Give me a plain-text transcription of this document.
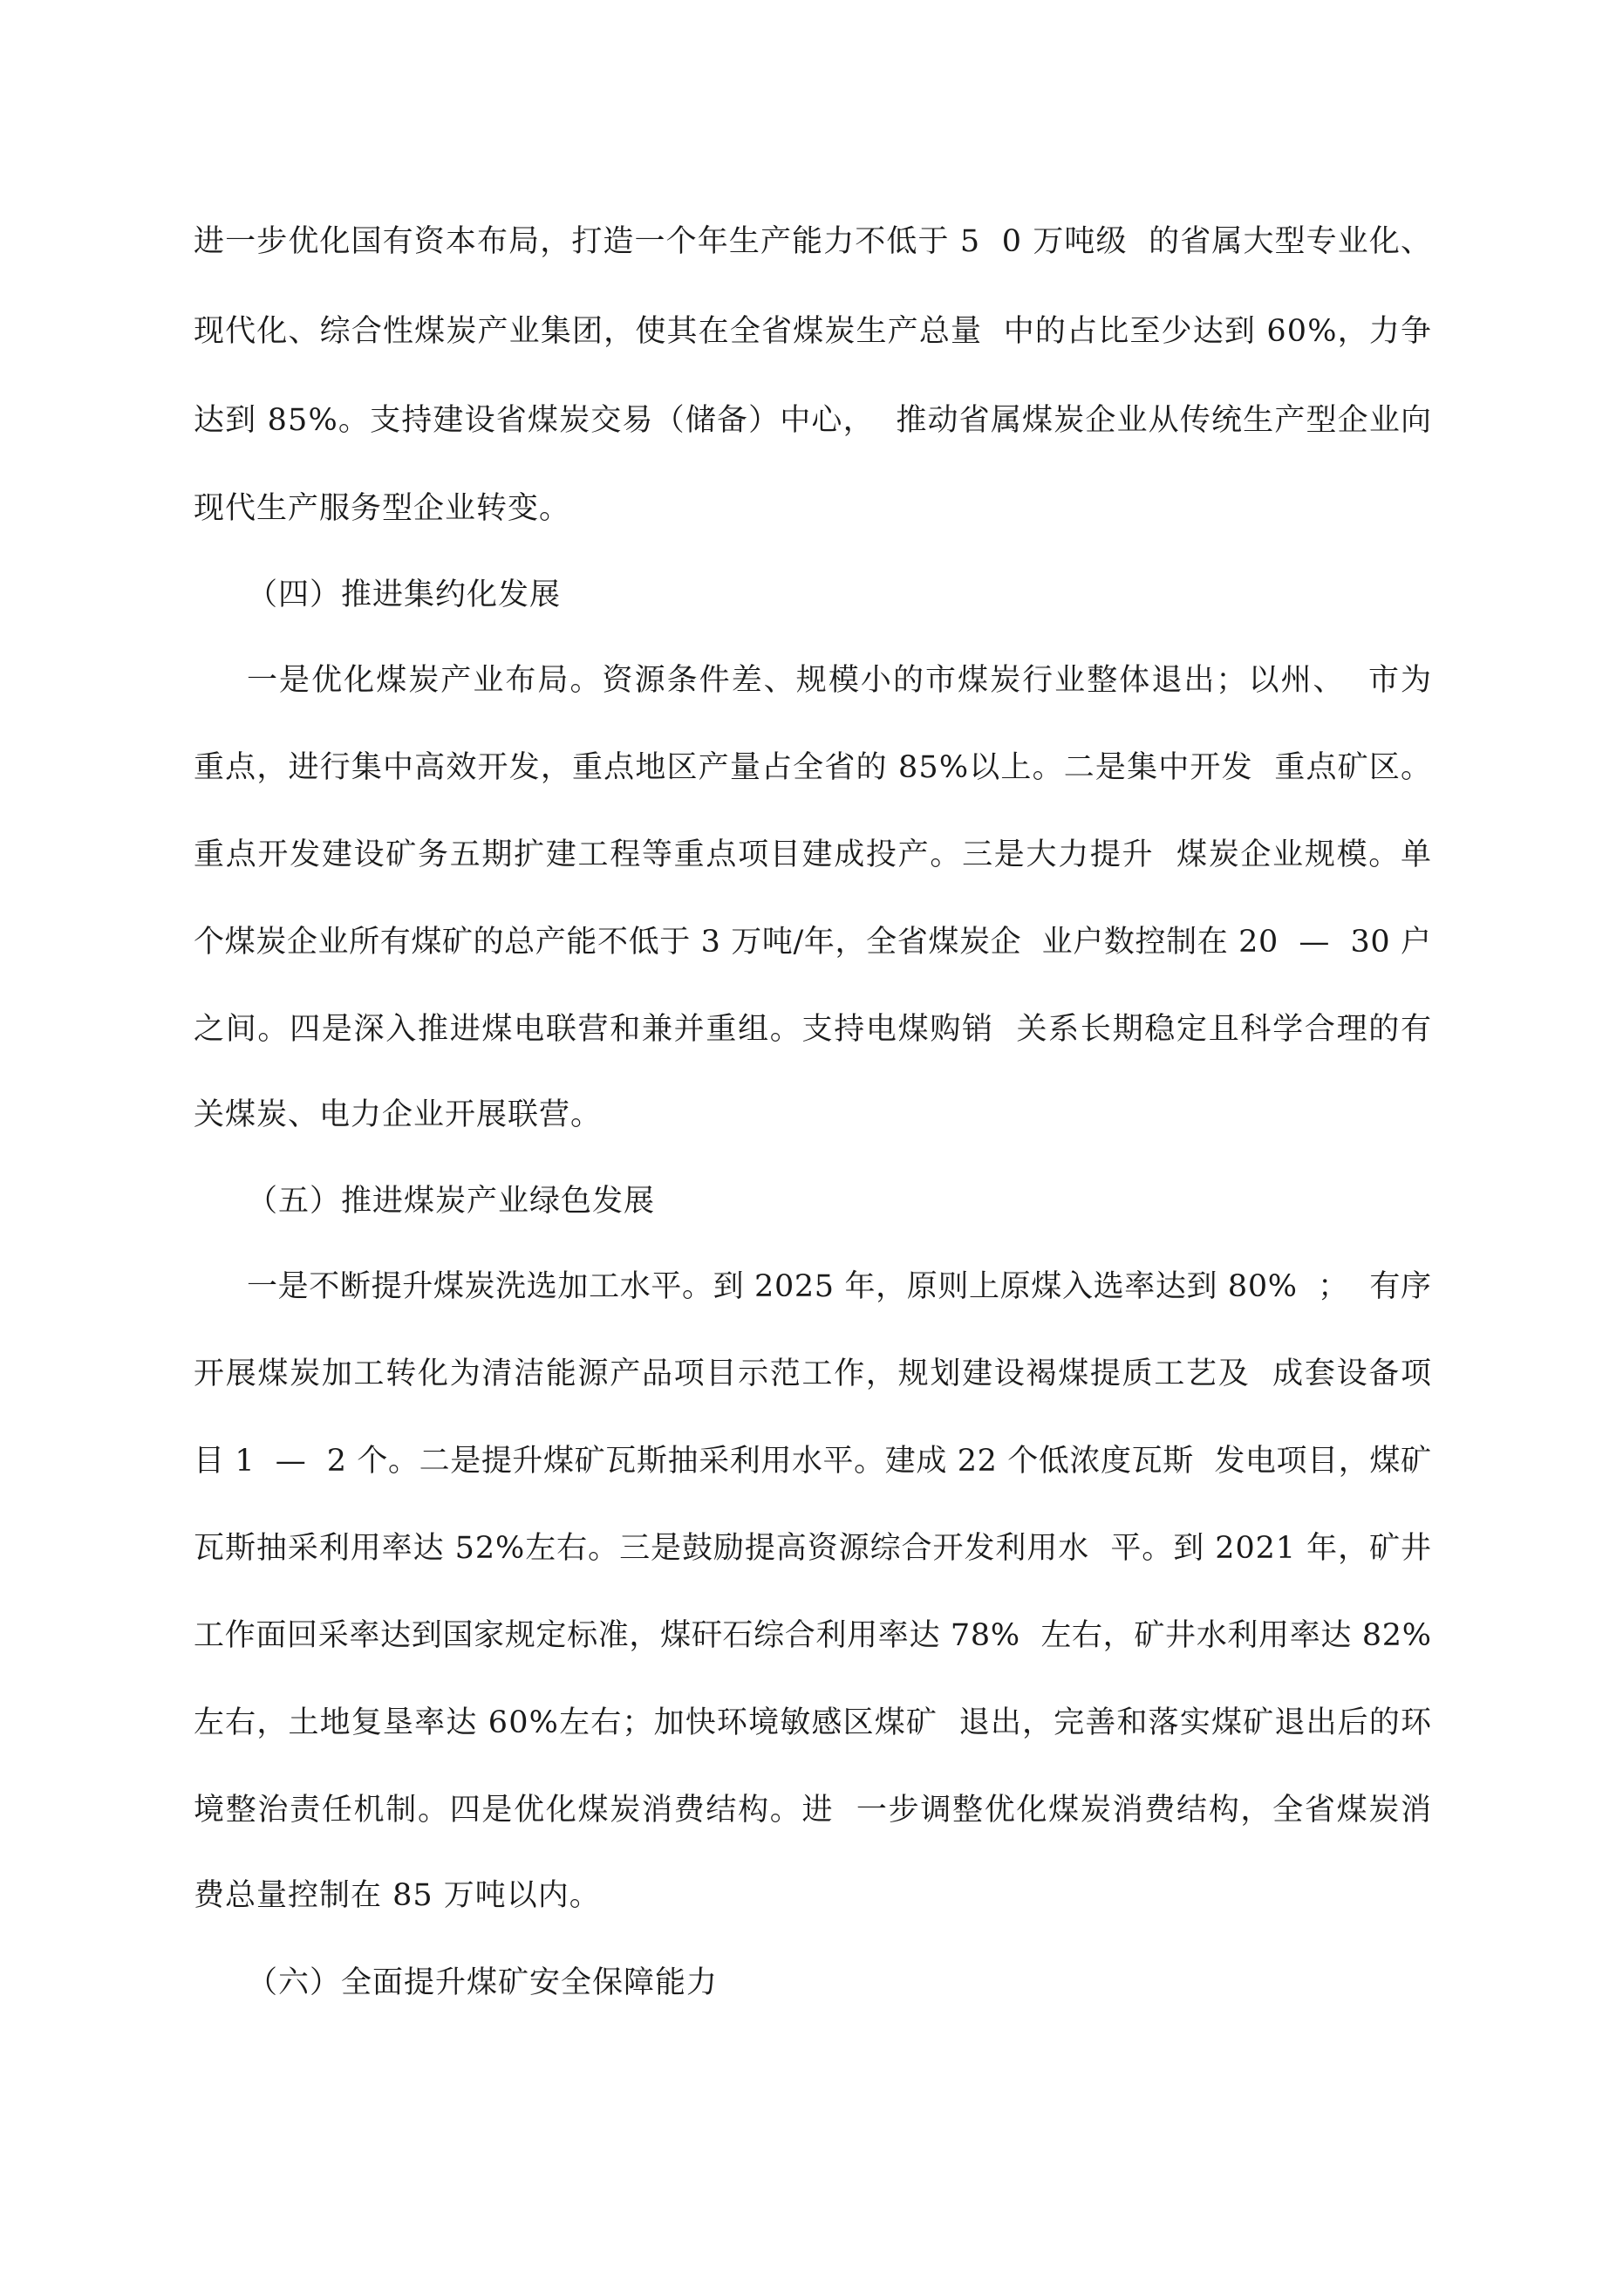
进一步优化国有资本布局，打造一个年生产能力不低于 5  0 万吨级  的省属大型专业化、

现代化、综合性煤炭产业集团，使其在全省煤炭生产总量  中的占比至少达到 60%，力争

达到 85%。支持建设省煤炭交易（储备）中心，  推动省属煤炭企业从传统生产型企业向

现代生产服务型企业转变。

（四）推进集约化发展

一是优化煤炭产业布局。资源条件差、规模小的市煤炭行业整体退出；以州、  市为

重点，进行集中高效开发，重点地区产量占全省的 85%以上。二是集中开发  重点矿区。

重点开发建设矿务五期扩建工程等重点项目建成投产。三是大力提升  煤炭企业规模。单

个煤炭企业所有煤矿的总产能不低于 3 万吨/年，全省煤炭企  业户数控制在 20  —  30 户

之间。四是深入推进煤电联营和兼并重组。支持电煤购销  关系长期稳定且科学合理的有

关煤炭、电力企业开展联营。

（五）推进煤炭产业绿色发展

一是不断提升煤炭洗选加工水平。到 2025 年，原则上原煤入选率达到 80%  ；  有序

开展煤炭加工转化为清洁能源产品项目示范工作，规划建设褐煤提质工艺及  成套设备项

目 1  —  2 个。二是提升煤矿瓦斯抽采利用水平。建成 22 个低浓度瓦斯  发电项目，煤矿

瓦斯抽采利用率达 52%左右。三是鼓励提高资源综合开发利用水  平。到 2021 年，矿井

工作面回采率达到国家规定标准，煤矸石综合利用率达 78%  左右，矿井水利用率达 82%

左右，土地复垦率达 60%左右；加快环境敏感区煤矿  退出，完善和落实煤矿退出后的环

境整治责任机制。四是优化煤炭消费结构。进  一步调整优化煤炭消费结构，全省煤炭消

费总量控制在 85 万吨以内。

（六）全面提升煤矿安全保障能力
